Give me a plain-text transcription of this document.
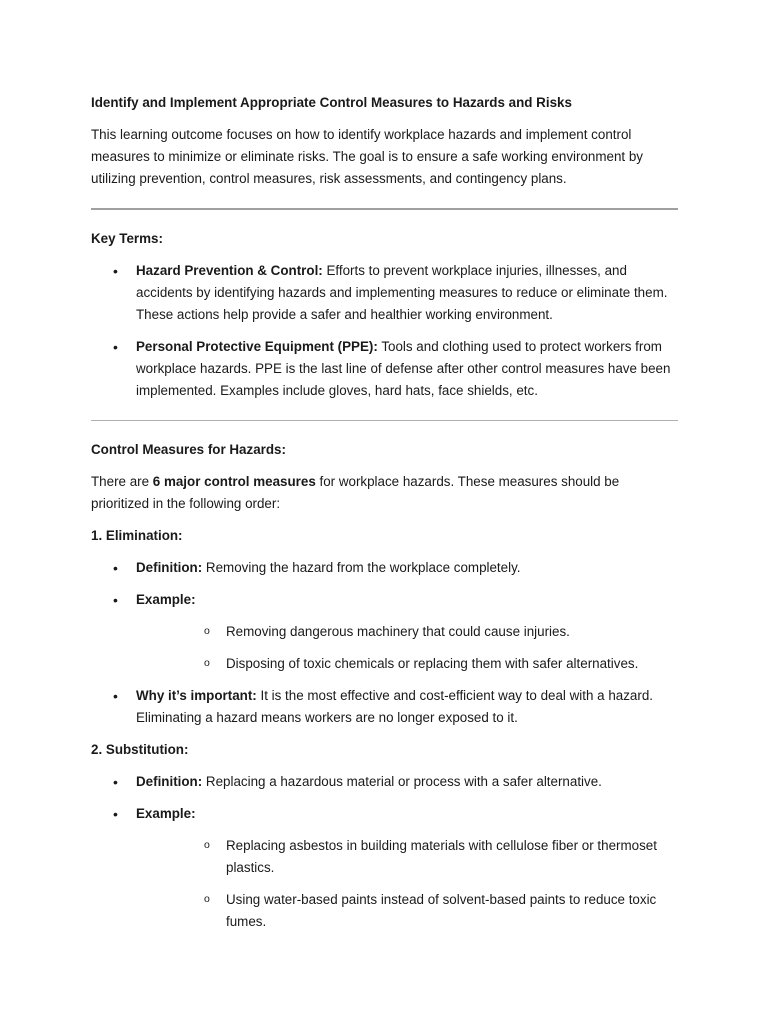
Identify and Implement Appropriate Control Measures to Hazards and Risks

This learning outcome focuses on how to identify workplace hazards and implement control measures to minimize or eliminate risks. The goal is to ensure a safe working environment by utilizing prevention, control measures, risk assessments, and contingency plans.

Key Terms:

• Hazard Prevention & Control: Efforts to prevent workplace injuries, illnesses, and accidents by identifying hazards and implementing measures to reduce or eliminate them. These actions help provide a safer and healthier working environment.
• Personal Protective Equipment (PPE): Tools and clothing used to protect workers from workplace hazards. PPE is the last line of defense after other control measures have been implemented. Examples include gloves, hard hats, face shields, etc.

Control Measures for Hazards:

There are 6 major control measures for workplace hazards. These measures should be prioritized in the following order:

1. Elimination:

• Definition: Removing the hazard from the workplace completely.
• Example:
o Removing dangerous machinery that could cause injuries.
o Disposing of toxic chemicals or replacing them with safer alternatives.
• Why it’s important: It is the most effective and cost-efficient way to deal with a hazard. Eliminating a hazard means workers are no longer exposed to it.

2. Substitution:

• Definition: Replacing a hazardous material or process with a safer alternative.
• Example:
o Replacing asbestos in building materials with cellulose fiber or thermoset plastics.
o Using water-based paints instead of solvent-based paints to reduce toxic fumes.
